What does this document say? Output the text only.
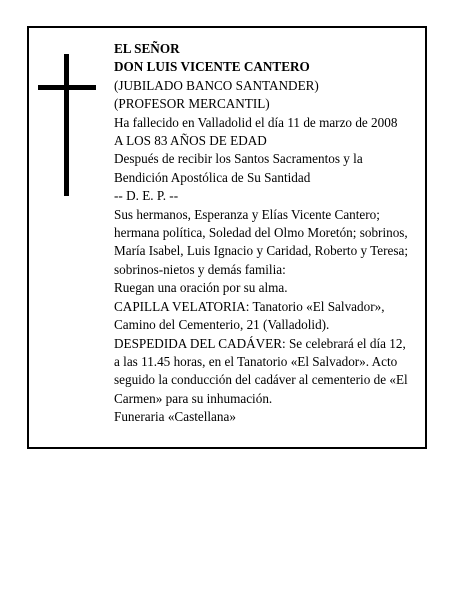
EL SEÑOR
DON LUIS VICENTE CANTERO
(JUBILADO BANCO SANTANDER)
(PROFESOR MERCANTIL)
Ha fallecido en Valladolid el día 11 de marzo de 2008
A LOS 83 AÑOS DE EDAD
Después de recibir los Santos Sacramentos y la
Bendición Apostólica de Su Santidad
-- D. E. P. --
Sus hermanos, Esperanza y Elías Vicente Cantero;
hermana política, Soledad del Olmo Moretón; sobrinos,
María Isabel, Luis Ignacio y Caridad, Roberto y Teresa;
sobrinos-nietos y demás familia:
Ruegan una oración por su alma.
CAPILLA VELATORIA: Tanatorio «El Salvador»,
Camino del Cementerio, 21 (Valladolid).
DESPEDIDA DEL CADÁVER: Se celebrará el día 12,
a las 11.45 horas, en el Tanatorio «El Salvador». Acto
seguido la conducción del cadáver al cementerio de «El
Carmen» para su inhumación.
Funeraria «Castellana»
